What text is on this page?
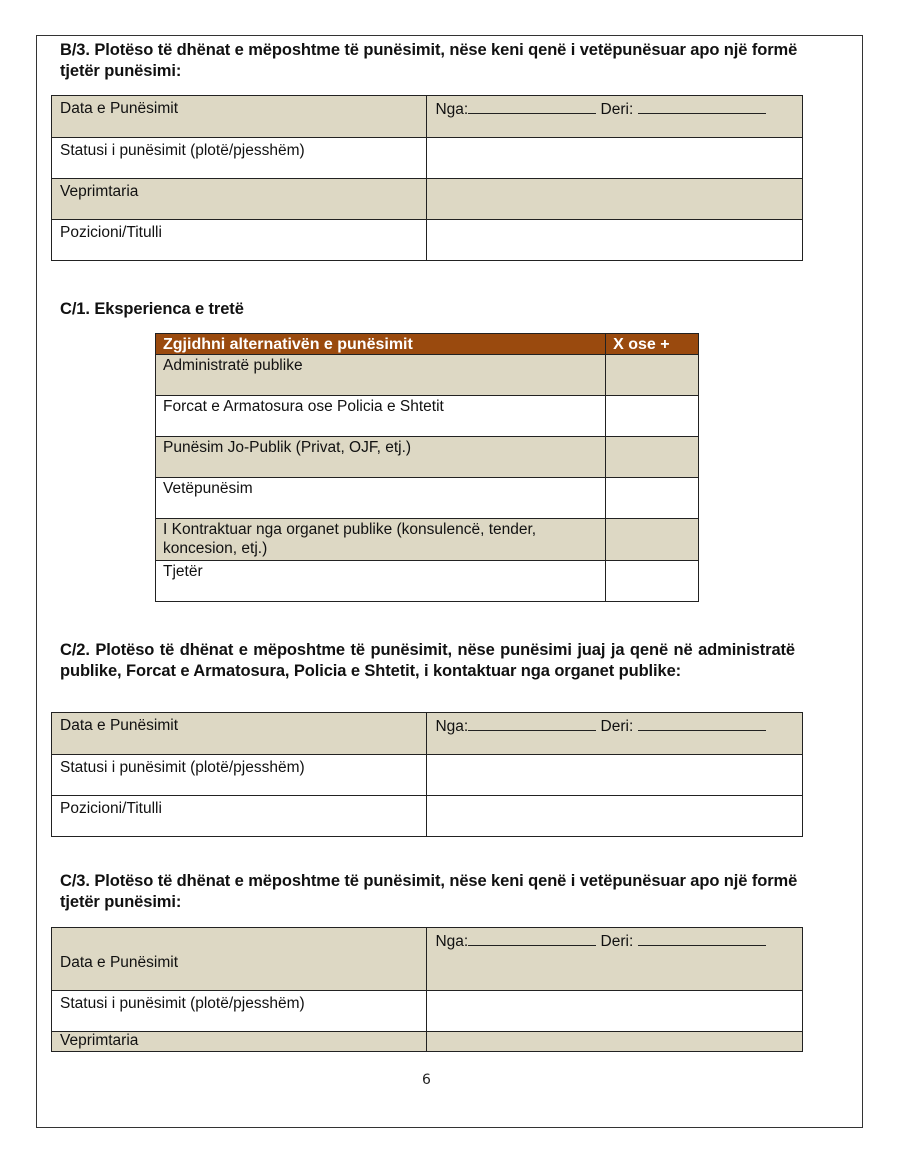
B/3. Plotëso të dhënat e mëposhtme të punësimit, nëse keni qenë i vetëpunësuar apo një formë tjetër punësimi:
Data e Punësimit	Nga: Deri:
Statusi i punësimit (plotë/pjesshëm)	
Veprimtaria	
Pozicioni/Titulli	
C/1. Eksperienca e tretë
Zgjidhni alternativën e punësimit	X ose +
Administratë publike	
Forcat e Armatosura ose Policia e Shtetit	
Punësim Jo-Publik (Privat, OJF, etj.)	
Vetëpunësim	
I Kontraktuar nga organet publike (konsulencë, tender, koncesion, etj.)	
Tjetër	
C/2. Plotëso të dhënat e mëposhtme të punësimit, nëse punësimi juaj ja qenë në administratë publike, Forcat e Armatosura, Policia e Shtetit, i kontaktuar nga organet publike:
Data e Punësimit	Nga: Deri:
Statusi i punësimit (plotë/pjesshëm)	
Pozicioni/Titulli	
C/3. Plotëso të dhënat e mëposhtme të punësimit, nëse keni qenë i vetëpunësuar apo një formë tjetër punësimi:
Data e Punësimit	Nga: Deri:
Statusi i punësimit (plotë/pjesshëm)	
Veprimtaria	
6
